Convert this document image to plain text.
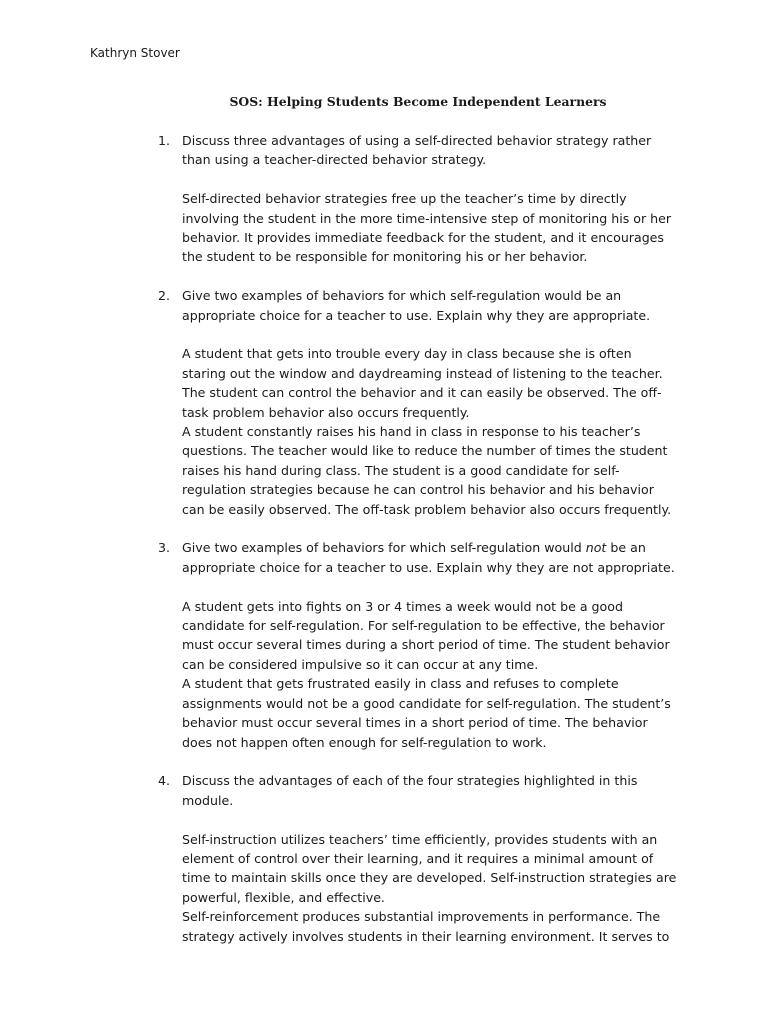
Kathryn Stover
SOS: Helping Students Become Independent Learners
1. Discuss three advantages of using a self-directed behavior strategy rather than using a teacher-directed behavior strategy.

Self-directed behavior strategies free up the teacher’s time by directly involving the student in the more time-intensive step of monitoring his or her behavior. It provides immediate feedback for the student, and it encourages the student to be responsible for monitoring his or her behavior.

2. Give two examples of behaviors for which self-regulation would be an appropriate choice for a teacher to use. Explain why they are appropriate.

A student that gets into trouble every day in class because she is often staring out the window and daydreaming instead of listening to the teacher. The student can control the behavior and it can easily be observed. The off-task problem behavior also occurs frequently.

A student constantly raises his hand in class in response to his teacher’s questions. The teacher would like to reduce the number of times the student raises his hand during class. The student is a good candidate for self-regulation strategies because he can control his behavior and his behavior can be easily observed. The off-task problem behavior also occurs frequently.

3. Give two examples of behaviors for which self-regulation would not be an appropriate choice for a teacher to use. Explain why they are not appropriate.

A student gets into fights on 3 or 4 times a week would not be a good candidate for self-regulation. For self-regulation to be effective, the behavior must occur several times during a short period of time. The student behavior can be considered impulsive so it can occur at any time.

A student that gets frustrated easily in class and refuses to complete assignments would not be a good candidate for self-regulation. The student’s behavior must occur several times in a short period of time. The behavior does not happen often enough for self-regulation to work.

4. Discuss the advantages of each of the four strategies highlighted in this module.

Self-instruction utilizes teachers’ time efficiently, provides students with an element of control over their learning, and it requires a minimal amount of time to maintain skills once they are developed. Self-instruction strategies are powerful, flexible, and effective.

Self-reinforcement produces substantial improvements in performance. The strategy actively involves students in their learning environment. It serves to
